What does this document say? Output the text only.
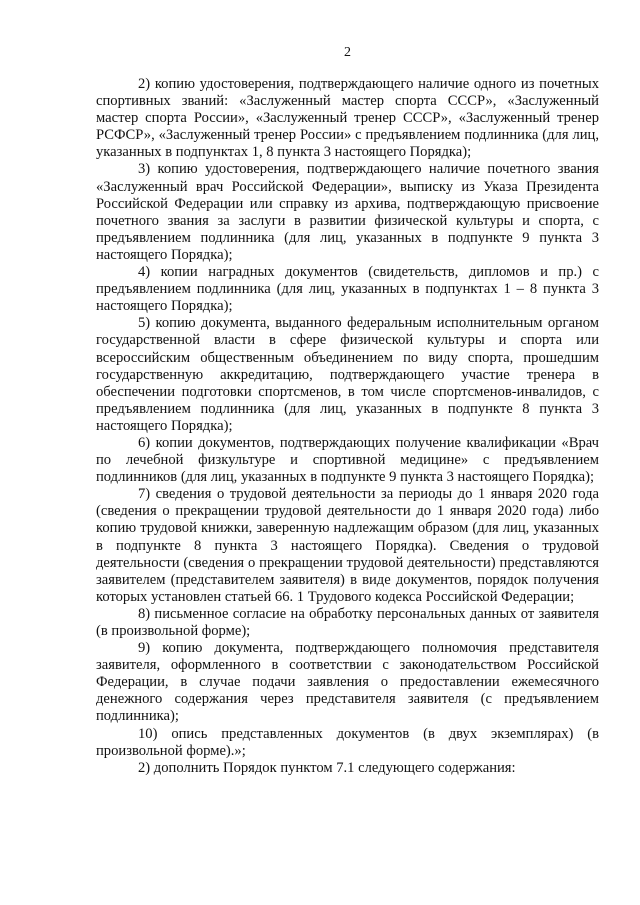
2

2) копию удостоверения, подтверждающего наличие одного из почетных спортивных званий: «Заслуженный мастер спорта СССР», «Заслуженный мастер спорта России», «Заслуженный тренер СССР», «Заслуженный тренер РСФСР», «Заслуженный тренер России» с предъявлением подлинника (для лиц, указанных в подпунктах 1, 8 пункта 3 настоящего Порядка);

3) копию удостоверения, подтверждающего наличие почетного звания «Заслуженный врач Российской Федерации», выписку из Указа Президента Российской Федерации или справку из архива, подтверждающую присвоение почетного звания за заслуги в развитии физической культуры и спорта, с предъявлением подлинника (для лиц, указанных в подпункте 9 пункта 3 настоящего Порядка);

4) копии наградных документов (свидетельств, дипломов и пр.) с предъявлением подлинника (для лиц, указанных в подпунктах 1 – 8 пункта 3 настоящего Порядка);

5) копию документа, выданного федеральным исполнительным органом государственной власти в сфере физической культуры и спорта или всероссийским общественным объединением по виду спорта, прошедшим государственную аккредитацию, подтверждающего участие тренера в обеспечении подготовки спортсменов, в том числе спортсменов-инвалидов, с предъявлением подлинника (для лиц, указанных в подпункте 8 пункта 3 настоящего Порядка);

6) копии документов, подтверждающих получение квалификации «Врач по лечебной физкультуре и спортивной медицине» с предъявлением подлинников (для лиц, указанных в подпункте 9 пункта 3 настоящего Порядка);

7) сведения о трудовой деятельности за периоды до 1 января 2020 года (сведения о прекращении трудовой деятельности до 1 января 2020 года) либо копию трудовой книжки, заверенную надлежащим образом (для лиц, указанных в подпункте 8 пункта 3 настоящего Порядка). Сведения о трудовой деятельности (сведения о прекращении трудовой деятельности) представляются заявителем (представителем заявителя) в виде документов, порядок получения которых установлен статьей 66. 1 Трудового кодекса Российской Федерации;

8) письменное согласие на обработку персональных данных от заявителя (в произвольной форме);

9) копию документа, подтверждающего полномочия представителя заявителя, оформленного в соответствии с законодательством Российской Федерации, в случае подачи заявления о предоставлении ежемесячного денежного содержания через представителя заявителя (с предъявлением подлинника);

10) опись представленных документов (в двух экземплярах) (в произвольной форме).»;

2) дополнить Порядок пунктом 7.1 следующего содержания:
